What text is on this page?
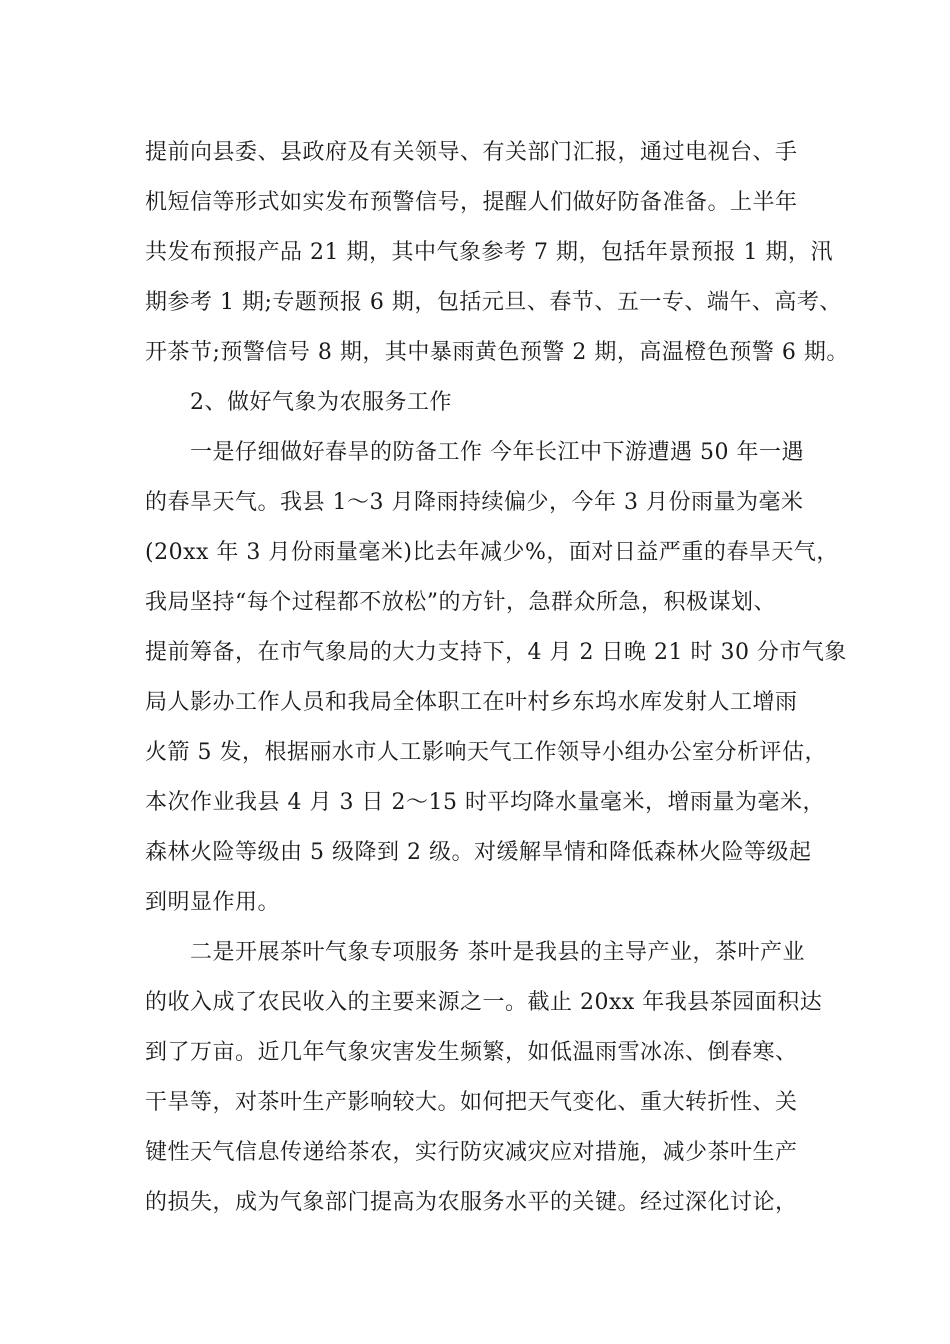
提前向县委、县政府及有关领导、有关部门汇报，通过电视台、手
机短信等形式如实发布预警信号，提醒人们做好防备准备。上半年
共发布预报产品 21 期，其中气象参考 7 期，包括年景预报 1 期，汛
期参考 1 期;专题预报 6 期，包括元旦、春节、五一专、端午、高考、
开茶节;预警信号 8 期，其中暴雨黄色预警 2 期，高温橙色预警 6 期。
2、做好气象为农服务工作
一是仔细做好春旱的防备工作 今年长江中下游遭遇 50 年一遇
的春旱天气。我县 1～3 月降雨持续偏少，今年 3 月份雨量为毫米
(20xx 年 3 月份雨量毫米)比去年减少%，面对日益严重的春旱天气，
我局坚持“每个过程都不放松”的方针，急群众所急，积极谋划、
提前筹备，在市气象局的大力支持下，4 月 2 日晚 21 时 30 分市气象
局人影办工作人员和我局全体职工在叶村乡东坞水库发射人工增雨
火箭 5 发，根据丽水市人工影响天气工作领导小组办公室分析评估，
本次作业我县 4 月 3 日 2～15 时平均降水量毫米，增雨量为毫米，
森林火险等级由 5 级降到 2 级。对缓解旱情和降低森林火险等级起
到明显作用。
二是开展茶叶气象专项服务 茶叶是我县的主导产业，茶叶产业
的收入成了农民收入的主要来源之一。截止 20xx 年我县茶园面积达
到了万亩。近几年气象灾害发生频繁，如低温雨雪冰冻、倒春寒、
干旱等，对茶叶生产影响较大。如何把天气变化、重大转折性、关
键性天气信息传递给茶农，实行防灾减灾应对措施，减少茶叶生产
的损失，成为气象部门提高为农服务水平的关键。经过深化讨论，
